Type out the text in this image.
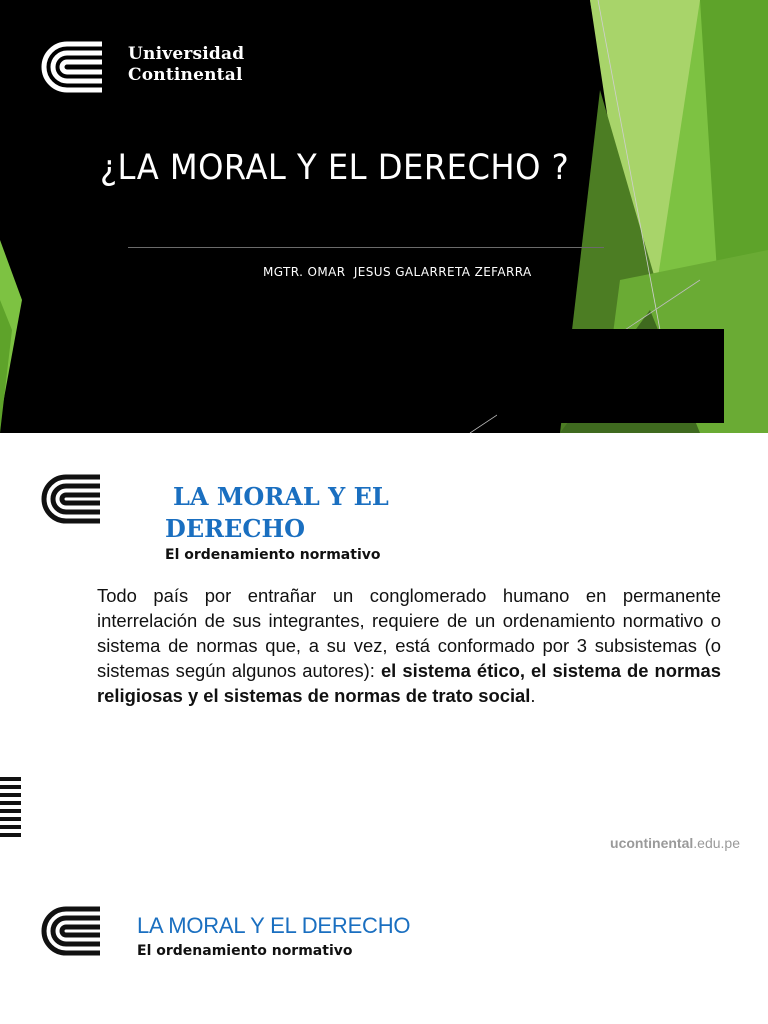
Universidad
Continental
¿LA MORAL Y EL DERECHO ?
MGTR. OMAR  JESUS GALARRETA ZEFARRA
LA MORAL Y EL
DERECHO
El ordenamiento normativo
Todo país por entrañar un conglomerado humano en permanente interrelación de sus integrantes, requiere de un ordenamiento normativo o sistema de normas que, a su vez, está conformado por 3 subsistemas (o sistemas según algunos autores): el sistema ético, el sistema de normas religiosas y el sistemas de normas de trato social.
ucontinental.edu.pe
LA MORAL Y EL DERECHO
El ordenamiento normativo
